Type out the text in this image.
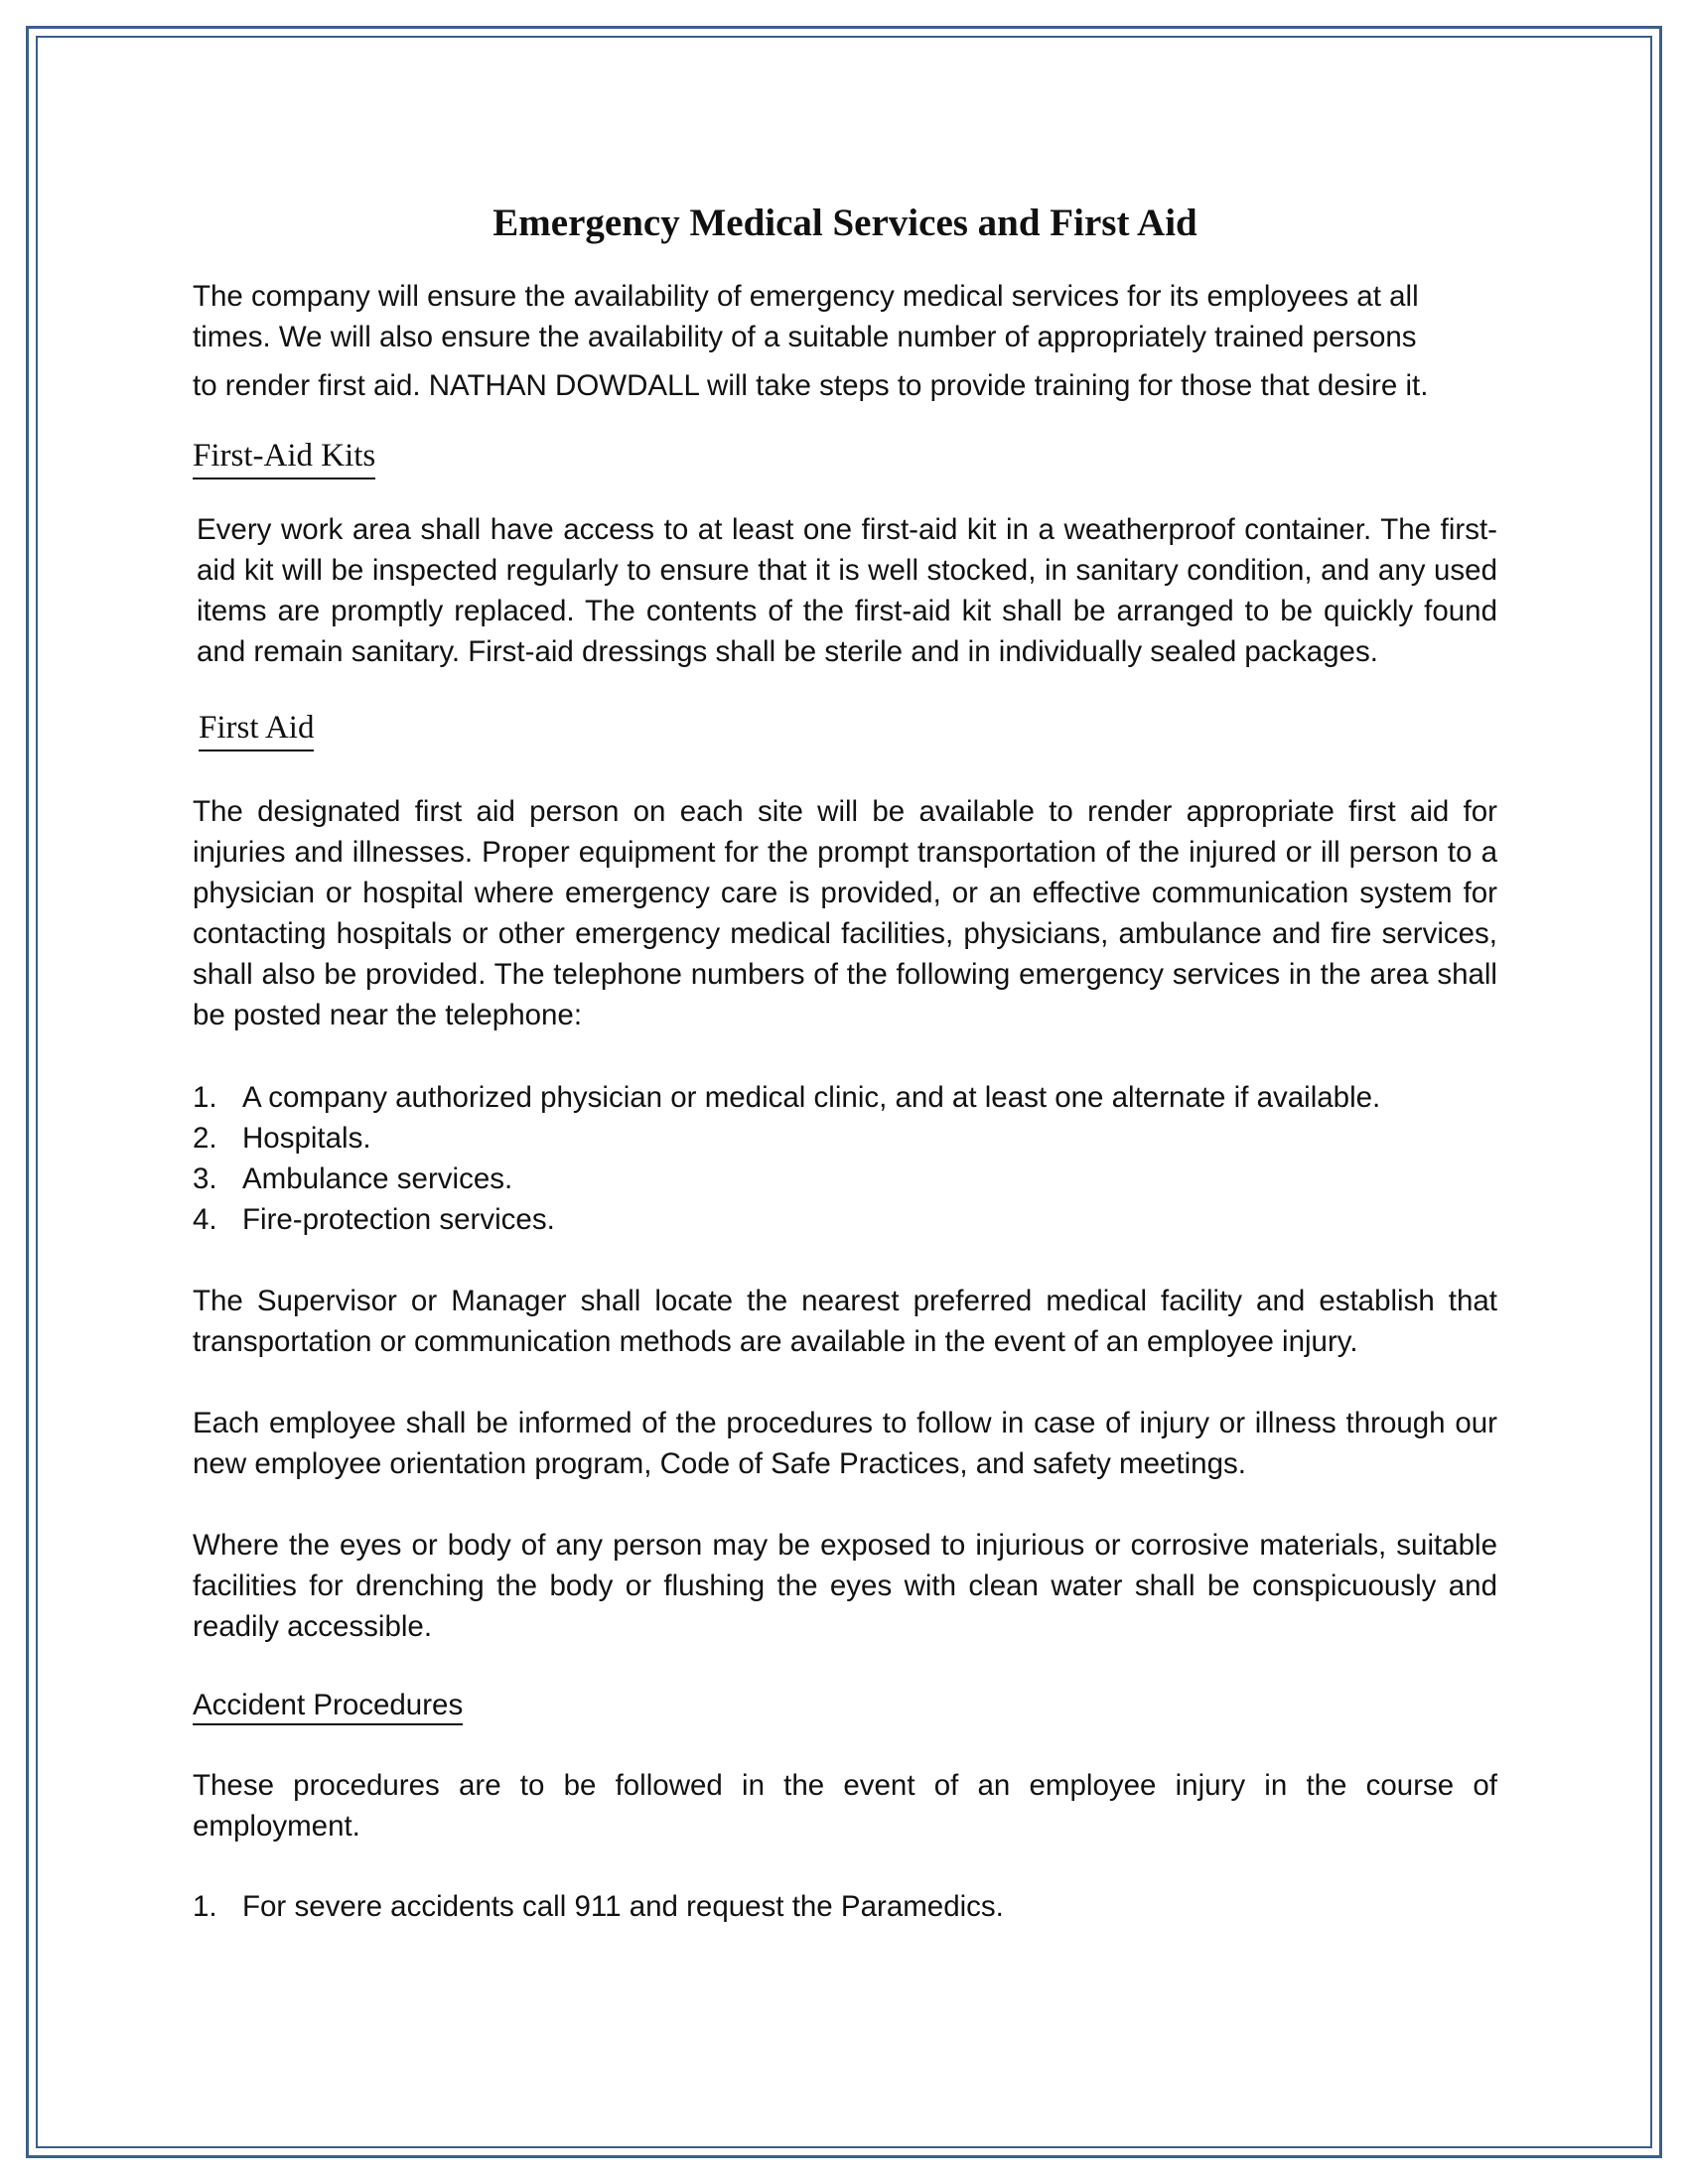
Emergency Medical Services and First Aid

The company will ensure the availability of emergency medical services for its employees at all times. We will also ensure the availability of a suitable number of appropriately trained persons
to render first aid. NATHAN DOWDALL will take steps to provide training for those that desire it.

First-Aid Kits

Every work area shall have access to at least one first-aid kit in a weatherproof container. The first-aid kit will be inspected regularly to ensure that it is well stocked, in sanitary condition, and any used items are promptly replaced. The contents of the first-aid kit shall be arranged to be quickly found and remain sanitary. First-aid dressings shall be sterile and in individually sealed packages.

First Aid

The designated first aid person on each site will be available to render appropriate first aid for injuries and illnesses. Proper equipment for the prompt transportation of the injured or ill person to a physician or hospital where emergency care is provided, or an effective communication system for contacting hospitals or other emergency medical facilities, physicians, ambulance and fire services, shall also be provided. The telephone numbers of the following emergency services in the area shall be posted near the telephone:

1. A company authorized physician or medical clinic, and at least one alternate if available.
2. Hospitals.
3. Ambulance services.
4. Fire-protection services.

The Supervisor or Manager shall locate the nearest preferred medical facility and establish that transportation or communication methods are available in the event of an employee injury.

Each employee shall be informed of the procedures to follow in case of injury or illness through our new employee orientation program, Code of Safe Practices, and safety meetings.

Where the eyes or body of any person may be exposed to injurious or corrosive materials, suitable facilities for drenching the body or flushing the eyes with clean water shall be conspicuously and readily accessible.

Accident Procedures

These procedures are to be followed in the event of an employee injury in the course of employment.

1. For severe accidents call 911 and request the Paramedics.
